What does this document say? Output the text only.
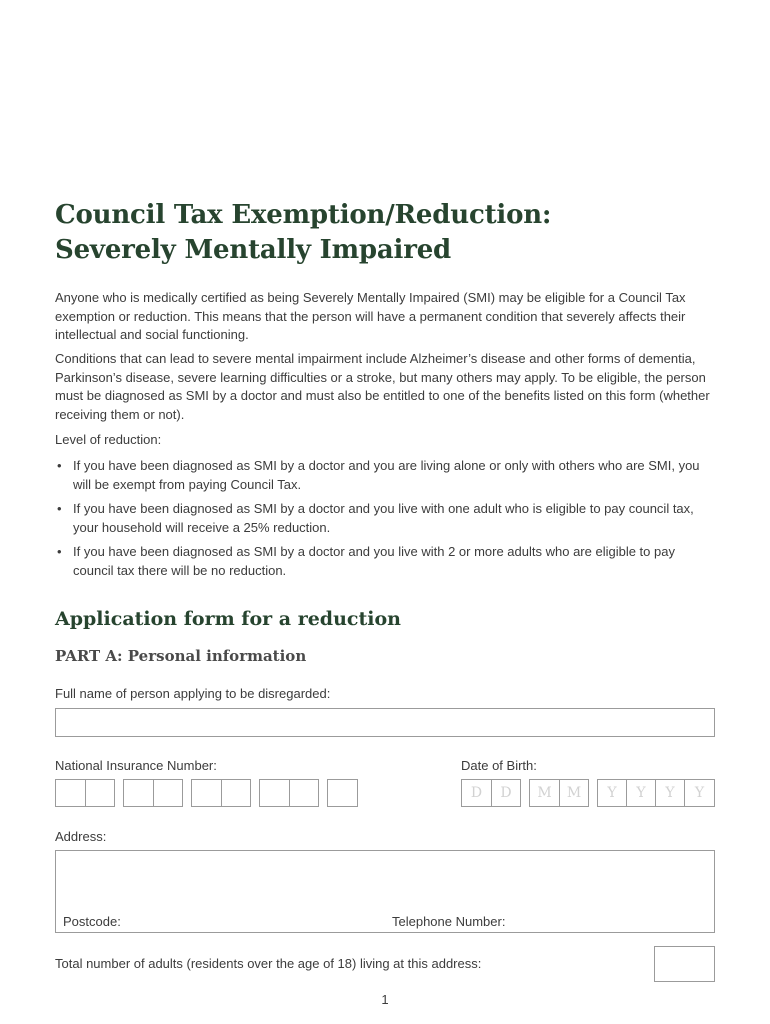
Council Tax Exemption/Reduction:
Severely Mentally Impaired

Anyone who is medically certified as being Severely Mentally Impaired (SMI) may be eligible for a Council Tax exemption or reduction. This means that the person will have a permanent condition that severely affects their intellectual and social functioning.

Conditions that can lead to severe mental impairment include Alzheimer’s disease and other forms of dementia, Parkinson’s disease, severe learning difficulties or a stroke, but many others may apply. To be eligible, the person must be diagnosed as SMI by a doctor and must also be entitled to one of the benefits listed on this form (whether receiving them or not).

Level of reduction:

• If you have been diagnosed as SMI by a doctor and you are living alone or only with others who are SMI, you will be exempt from paying Council Tax.
• If you have been diagnosed as SMI by a doctor and you live with one adult who is eligible to pay council tax, your household will receive a 25% reduction.
• If you have been diagnosed as SMI by a doctor and you live with 2 or more adults who are eligible to pay council tax there will be no reduction.
Application form for a reduction
PART A: Personal information
Full name of person applying to be disregarded:
National Insurance Number:	Date of Birth:
D	D	M	M	Y	Y	Y	Y
Address:
Postcode:	Telephone Number:
Total number of adults (residents over the age of 18) living at this address:
1
